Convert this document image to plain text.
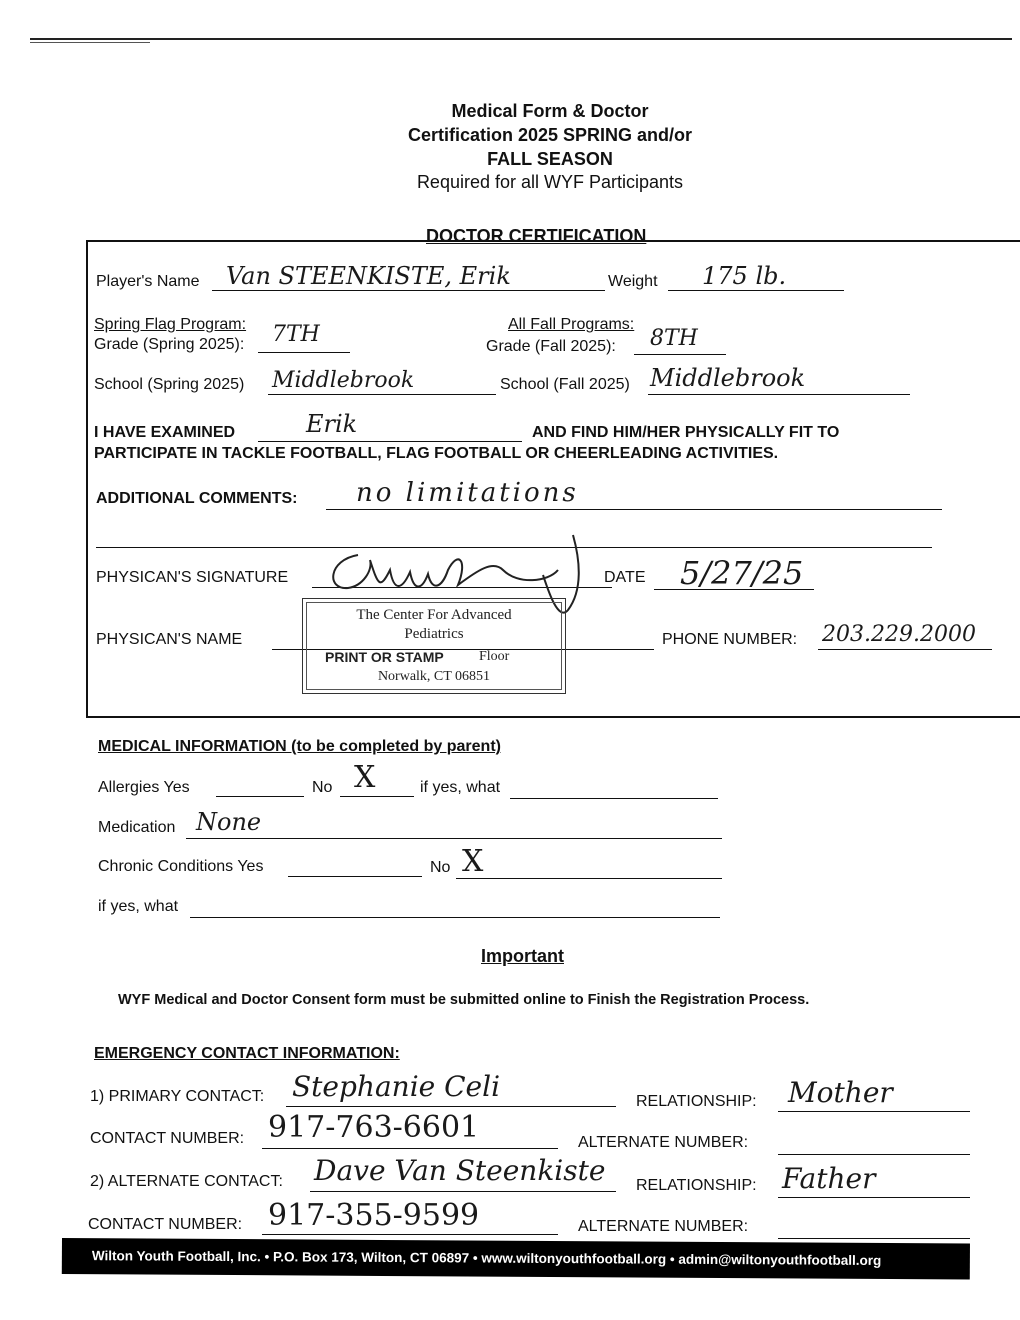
Medical Form & Doctor
Certification 2025 SPRING and/or
FALL SEASON
Required for all WYF Participants
DOCTOR CERTIFICATION
Player's Name Van STEENKISTE, Erik	Weight 175 lb.
Spring Flag Program:
Grade (Spring 2025): 7TH	All Fall Programs:
Grade (Fall 2025): 8TH
School (Spring 2025) Middlebrook	School (Fall 2025) Middlebrook
I HAVE EXAMINED	Erik	AND FIND HIM/HER PHYSICALLY FIT TO
PARTICIPATE IN TACKLE FOOTBALL, FLAG FOOTBALL OR CHEERLEADING ACTIVITIES.
ADDITIONAL COMMENTS: no limitations
PHYSICAN'S SIGNATURE	DATE 5/27/25
PHYSICAN'S NAME	PHONE NUMBER: 203.229.2000
The Center For Advanced
Pediatrics
PRINT OR STAMP	Floor
Norwalk, CT 06851
MEDICAL INFORMATION (to be completed by parent)
Allergies Yes	No X	if yes, what
Medication None
Chronic Conditions Yes	No X
if yes, what
Important
WYF Medical and Doctor Consent form must be submitted online to Finish the Registration Process.
EMERGENCY CONTACT INFORMATION:
1) PRIMARY CONTACT: Stephanie Celi	RELATIONSHIP: Mother
CONTACT NUMBER: 917-763-6601	ALTERNATE NUMBER:
2) ALTERNATE CONTACT: Dave Van Steenkiste RELATIONSHIP: Father
CONTACT NUMBER: 917-355-9599	ALTERNATE NUMBER:
Wilton Youth Football, Inc. • P.O. Box 173, Wilton, CT 06897 • www.wiltonyouthfootball.org • admin@wiltonyouthfootball.org
